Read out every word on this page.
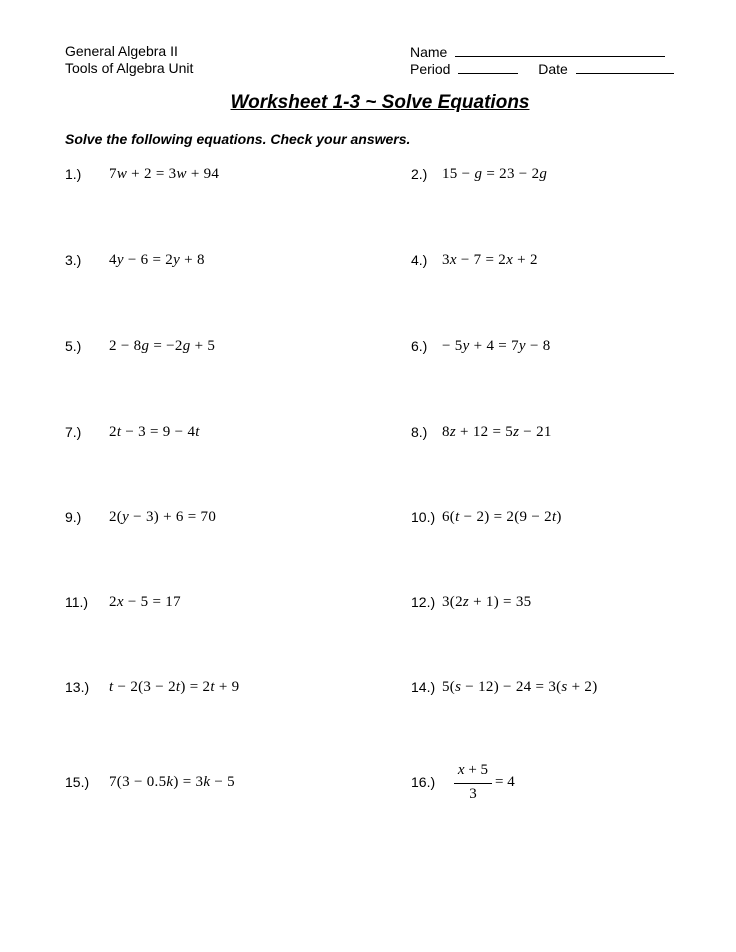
General Algebra II
Tools of Algebra Unit
Name
Period	Date
Worksheet 1-3 ~ Solve Equations
Solve the following equations. Check your answers.
1.) 7w + 2 = 3w + 94	2.) 15 − g = 23 − 2g
3.) 4y − 6 = 2y + 8	4.) 3x − 7 = 2x + 2
5.) 2 − 8g = −2g + 5	6.) − 5y + 4 = 7y − 8
7.) 2t − 3 = 9 − 4t	8.) 8z + 12 = 5z − 21
9.) 2(y − 3) + 6 = 70	10.) 6(t − 2) = 2(9 − 2t)
11.) 2x − 5 = 17	12.) 3(2z + 1) = 35
13.) t − 2(3 − 2t) = 2t + 9	14.) 5(s − 12) − 24 = 3(s + 2)
15.) 7(3 − 0.5k) = 3k − 5	16.)
x + 5
3
= 4
